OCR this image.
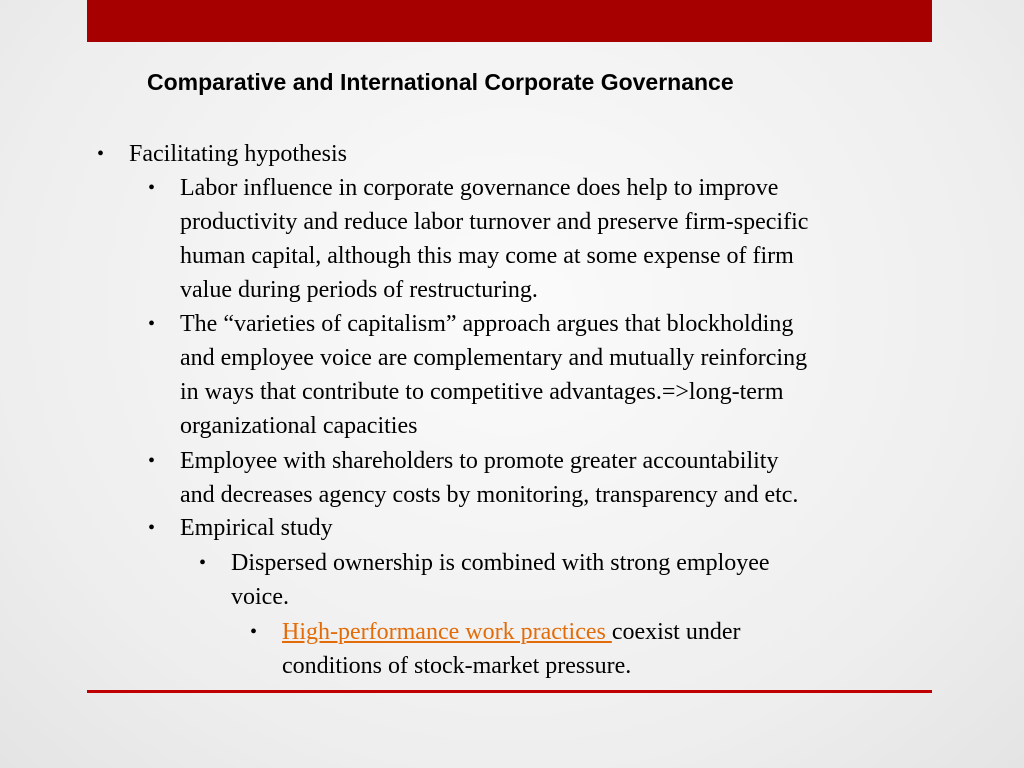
Comparative and International Corporate Governance
• Facilitating hypothesis
• Labor influence in corporate governance does help to improve
productivity and reduce labor turnover and preserve firm-specific
human capital, although this may come at some expense of firm
value during periods of restructuring.
• The “varieties of capitalism” approach argues that blockholding
and employee voice are complementary and mutually reinforcing
in ways that contribute to competitive advantages.=>long-term
organizational capacities
• Employee with shareholders to promote greater accountability
and decreases agency costs by monitoring, transparency and etc.
• Empirical study
• Dispersed ownership is combined with strong employee
voice.
• High-performance work practices coexist under
conditions of stock-market pressure.
